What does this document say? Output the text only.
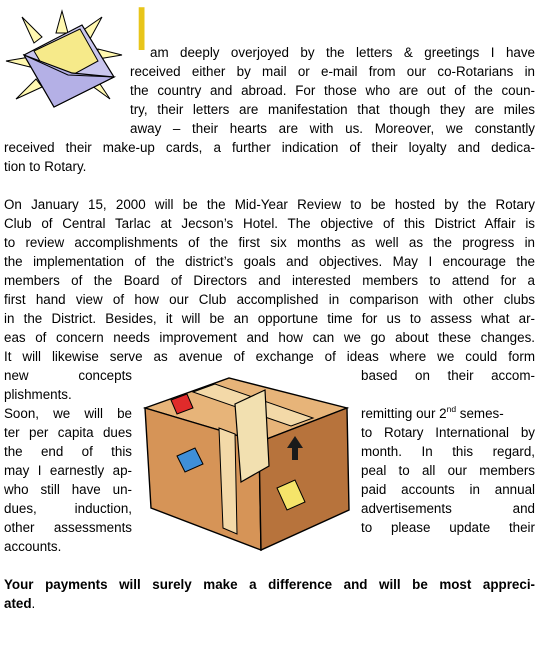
I am deeply overjoyed by the letters & greetings I have

received either by mail or e-mail from our co-Rotarians in

the country and abroad. For those who are out of the coun-

try, their letters are manifestation that though they are miles

away – their hearts are with us. Moreover, we constantly

received their make-up cards, a further indication of their loyalty and dedica-

tion to Rotary.

On January 15, 2000 will be the Mid-Year Review to be hosted by the Rotary

Club of Central Tarlac at Jecson’s Hotel. The objective of this District Affair is

to review accomplishments of the first six months as well as the progress in

the implementation of the district’s goals and objectives. May I encourage the

members of the Board of Directors and interested members to attend for a

first hand view of how our Club accomplished in comparison with other clubs

in the District. Besides, it will be an opportune time for us to assess what ar-

eas of concern needs improvement and how can we go about these changes.

It will likewise serve as avenue of exchange of ideas where we could form

new concepts

plishments.

Soon, we will be

ter per capita dues

the end of this

may I earnestly ap-

who still have un-

dues, induction,

other assessments

accounts.

based on their accom-

remitting our 2nd semes-

to Rotary International by

month. In this regard,

peal to all our members

paid accounts in annual

advertisements and

to please update their

Your payments will surely make a difference and will be most appreci-

ated.
